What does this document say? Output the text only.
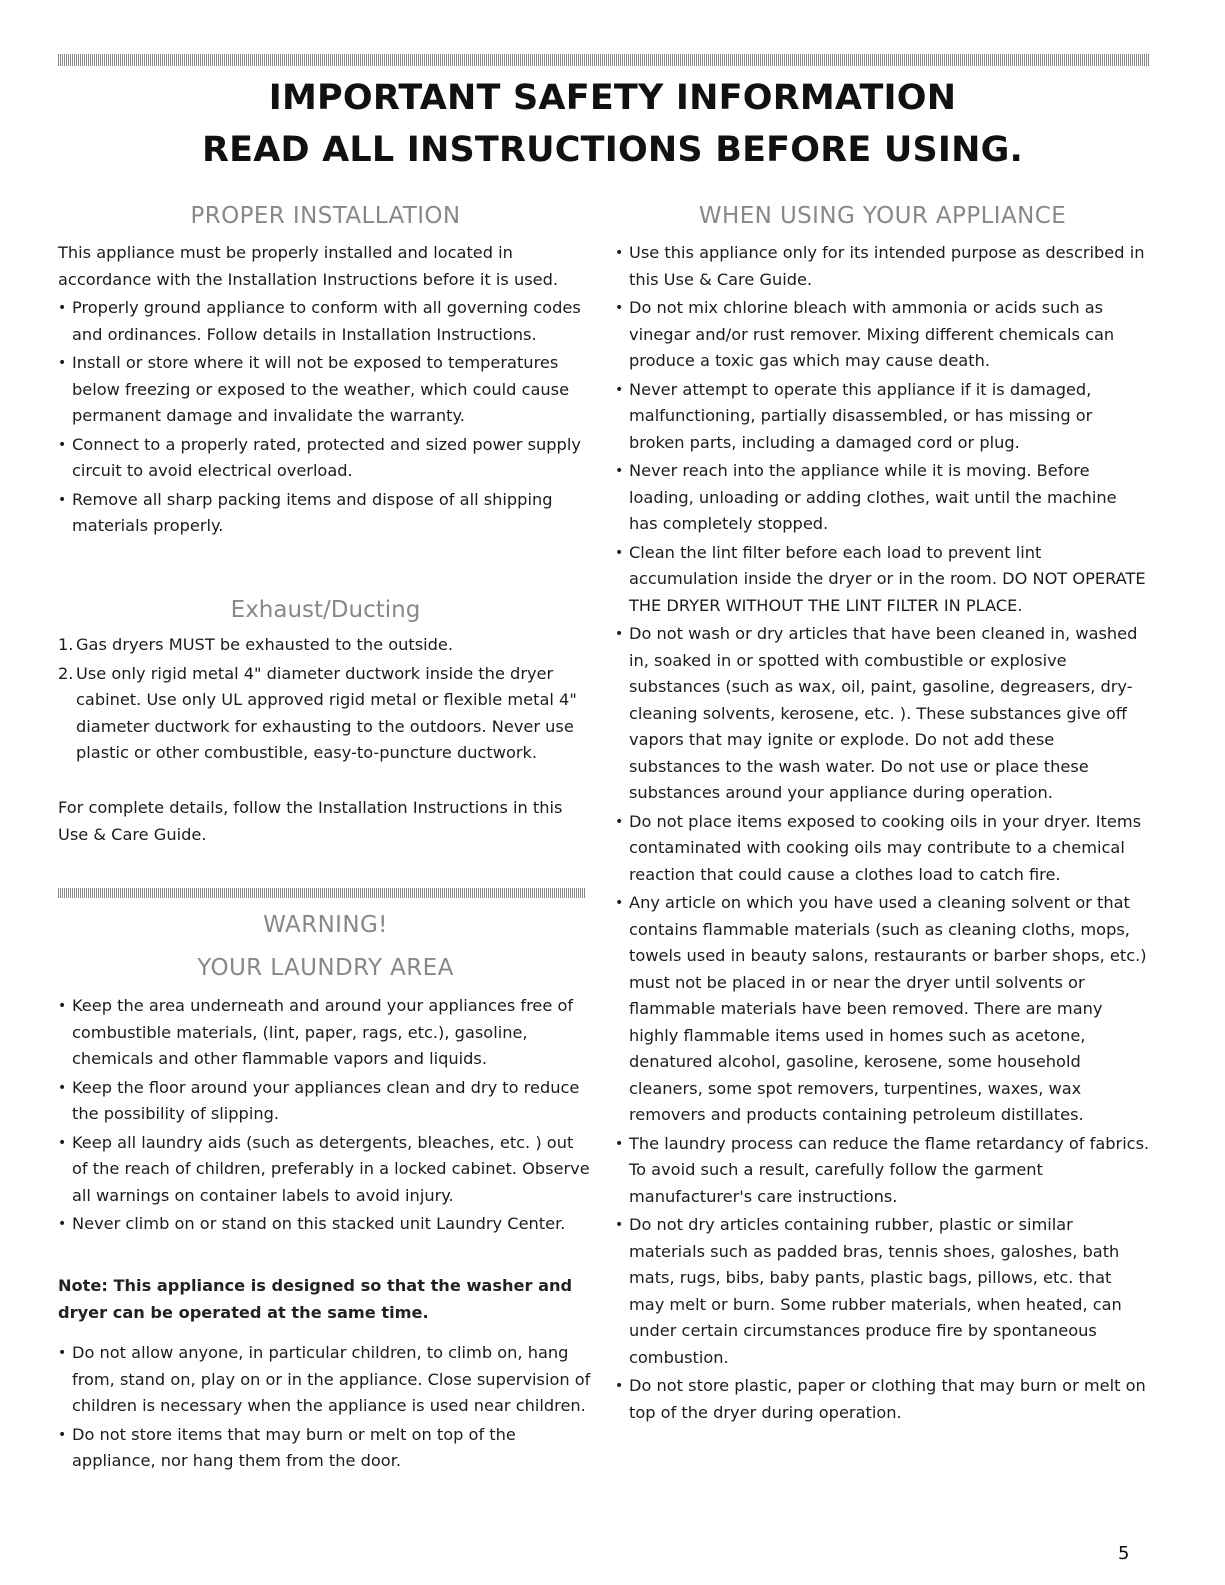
IMPORTANT SAFETY INFORMATION
READ ALL INSTRUCTIONS BEFORE USING.
PROPER INSTALLATION

This appliance must be properly installed and located in accordance with the Installation Instructions before it is used.

• Properly ground appliance to conform with all governing codes and ordinances. Follow details in Installation Instructions.
• Install or store where it will not be exposed to temperatures below freezing or exposed to the weather, which could cause permanent damage and invalidate the warranty.
• Connect to a properly rated, protected and sized power supply circuit to avoid electrical overload.
• Remove all sharp packing items and dispose of all shipping materials properly.
Exhaust/Ducting
1. Gas dryers MUST be exhausted to the outside.
2. Use only rigid metal 4" diameter ductwork inside the dryer cabinet. Use only UL approved rigid metal or flexible metal 4" diameter ductwork for exhausting to the outdoors. Never use plastic or other combustible, easy-to-puncture ductwork.

For complete details, follow the Installation Instructions in this Use & Care Guide.

WARNING!
YOUR LAUNDRY AREA
• Keep the area underneath and around your appliances free of combustible materials, (lint, paper, rags, etc.), gasoline, chemicals and other flammable vapors and liquids.
• Keep the floor around your appliances clean and dry to reduce the possibility of slipping.
• Keep all laundry aids (such as detergents, bleaches, etc. ) out of the reach of children, preferably in a locked cabinet. Observe all warnings on container labels to avoid injury.
• Never climb on or stand on this stacked unit Laundry Center.

Note: This appliance is designed so that the washer and dryer can be operated at the same time.

• Do not allow anyone, in particular children, to climb on, hang from, stand on, play on or in the appliance. Close supervision of children is necessary when the appliance is used near children.
• Do not store items that may burn or melt on top of the appliance, nor hang them from the door.
WHEN USING YOUR APPLIANCE
• Use this appliance only for its intended purpose as described in this Use & Care Guide.
• Do not mix chlorine bleach with ammonia or acids such as vinegar and/or rust remover. Mixing different chemicals can produce a toxic gas which may cause death.
• Never attempt to operate this appliance if it is damaged, malfunctioning, partially disassembled, or has missing or broken parts, including a damaged cord or plug.
• Never reach into the appliance while it is moving. Before loading, unloading or adding clothes, wait until the machine has completely stopped.
• Clean the lint filter before each load to prevent lint accumulation inside the dryer or in the room. DO NOT OPERATE THE DRYER WITHOUT THE LINT FILTER IN PLACE.
• Do not wash or dry articles that have been cleaned in, washed in, soaked in or spotted with combustible or explosive substances (such as wax, oil, paint, gasoline, degreasers, dry-cleaning solvents, kerosene, etc. ). These substances give off vapors that may ignite or explode. Do not add these substances to the wash water. Do not use or place these substances around your appliance during operation.
• Do not place items exposed to cooking oils in your dryer. Items contaminated with cooking oils may contribute to a chemical reaction that could cause a clothes load to catch fire.
• Any article on which you have used a cleaning solvent or that contains flammable materials (such as cleaning cloths, mops, towels used in beauty salons, restaurants or barber shops, etc.) must not be placed in or near the dryer until solvents or flammable materials have been removed. There are many highly flammable items used in homes such as acetone, denatured alcohol, gasoline, kerosene, some household cleaners, some spot removers, turpentines, waxes, wax removers and products containing petroleum distillates.
• The laundry process can reduce the flame retardancy of fabrics. To avoid such a result, carefully follow the garment manufacturer's care instructions.
• Do not dry articles containing rubber, plastic or similar materials such as padded bras, tennis shoes, galoshes, bath mats, rugs, bibs, baby pants, plastic bags, pillows, etc. that may melt or burn. Some rubber materials, when heated, can under certain circumstances produce fire by spontaneous combustion.
• Do not store plastic, paper or clothing that may burn or melt on top of the dryer during operation.
5
